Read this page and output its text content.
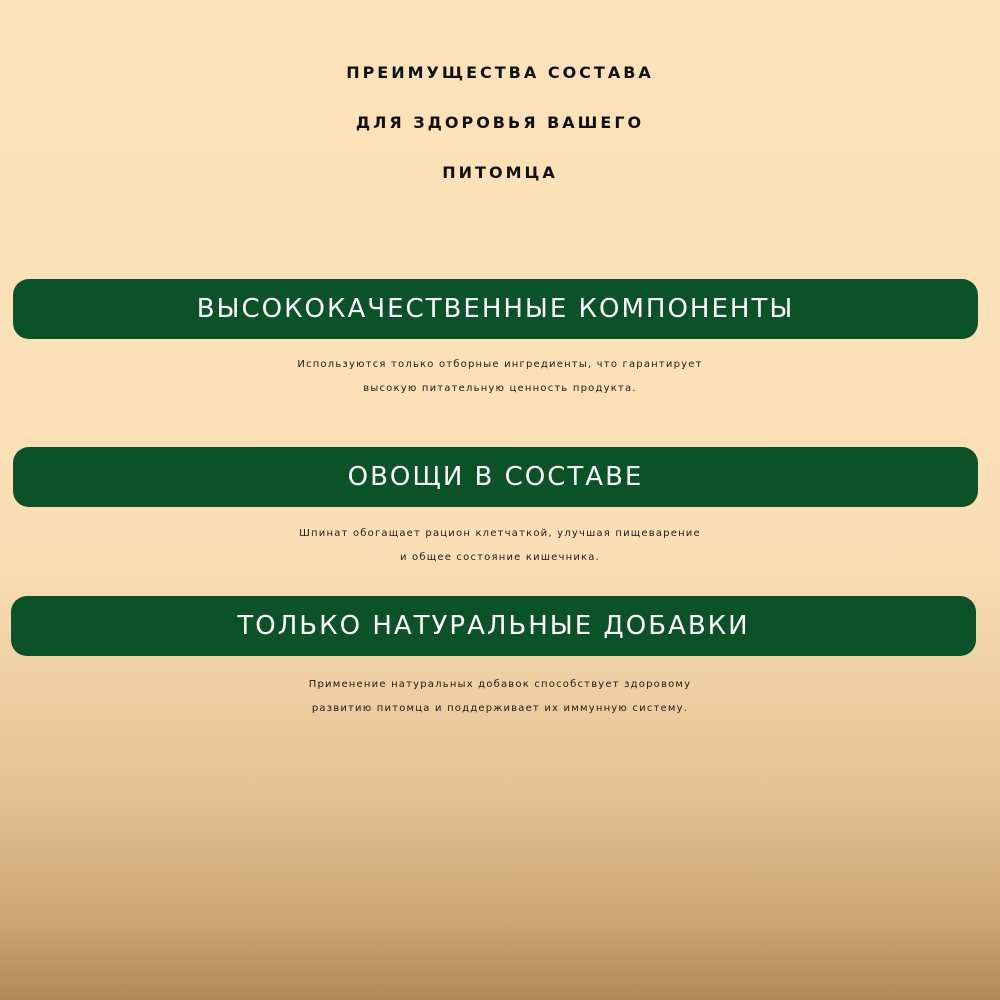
ПРЕИМУЩЕСТВА СОСТАВА
ДЛЯ ЗДОРОВЬЯ ВАШЕГО
ПИТОМЦА
ВЫСОКОКАЧЕСТВЕННЫЕ КОМПОНЕНТЫ
Используются только отборные ингредиенты, что гарантирует
высокую питательную ценность продукта.
ОВОЩИ В СОСТАВЕ
Шпинат обогащает рацион клетчаткой, улучшая пищеварение
и общее состояние кишечника.
ТОЛЬКО НАТУРАЛЬНЫЕ ДОБАВКИ
Применение натуральных добавок способствует здоровому
развитию питомца и поддерживает их иммунную систему.
